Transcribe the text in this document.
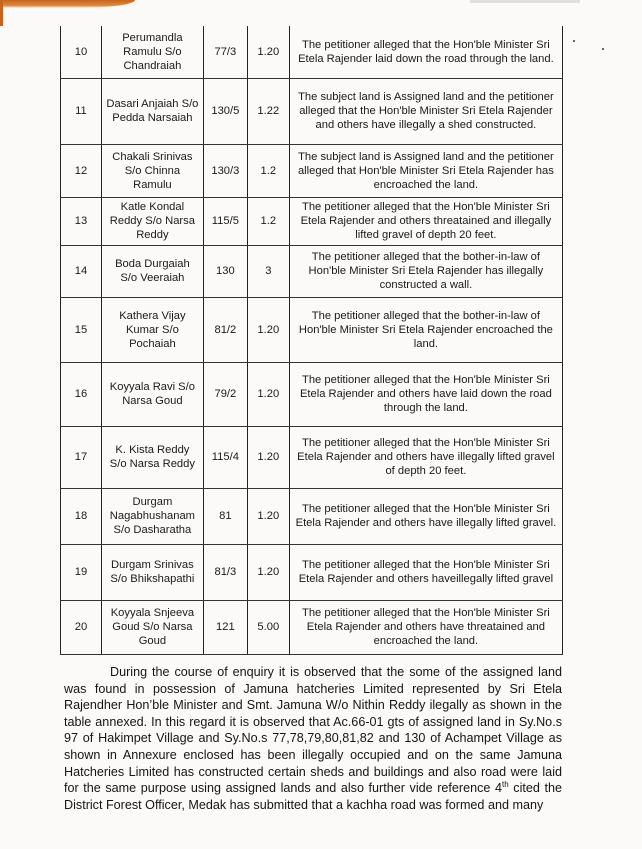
10	Perumandla Ramulu S/o Chandraiah	77/3	1.20	The petitioner alleged that the Hon'ble Minister Sri Etela Rajender laid down the road through the land.
11	Dasari Anjaiah S/o Pedda Narsaiah	130/5	1.22	The subject land is Assigned land and the petitioner alleged that the Hon'ble Minister Sri Etela Rajender and others have illegally a shed constructed.
12	Chakali Srinivas S/o Chinna Ramulu	130/3	1.2	The subject land is Assigned land and the petitioner alleged that Hon'ble Minister Sri Etela Rajender has encroached the land.
13	Katle Kondal Reddy S/o Narsa Reddy	115/5	1.2	The petitioner alleged that the Hon'ble Minister Sri Etela Rajender and others threatained and illegally lifted gravel of depth 20 feet.
14	Boda Durgaiah S/o Veeraiah	130	3	The petitioner alleged that the bother-in-law of Hon'ble Minister Sri Etela Rajender has illegally constructed a wall.
15	Kathera Vijay Kumar S/o Pochaiah	81/2	1.20	The petitioner alleged that the bother-in-law of Hon'ble Minister Sri Etela Rajender encroached the land.
16	Koyyala Ravi S/o Narsa Goud	79/2	1.20	The petitioner alleged that the Hon'ble Minister Sri Etela Rajender and others have laid down the road through the land.
17	K. Kista Reddy S/o Narsa Reddy	115/4	1.20	The petitioner alleged that the Hon'ble Minister Sri Etela Rajender and others have illegally lifted gravel of depth 20 feet.
18	Durgam Nagabhushanam S/o Dasharatha	81	1.20	The petitioner alleged that the Hon'ble Minister Sri Etela Rajender and others have illegally lifted gravel.
19	Durgam Srinivas S/o Bhikshapathi	81/3	1.20	The petitioner alleged that the Hon'ble Minister Sri Etela Rajender and others haveillegally lifted gravel
20	Koyyala Snjeeva Goud S/o Narsa Goud	121	5.00	The petitioner alleged that the Hon'ble Minister Sri Etela Rajender and others have threatained and encroached the land.
During the course of enquiry it is observed that the some of the assigned land was found in possession of Jamuna hatcheries Limited represented by Sri Etela Rajendher Hon’ble Minister and Smt. Jamuna W/o Nithin Reddy ilegally as shown in the table annexed. In this regard it is observed that Ac.66-01 gts of assigned land in Sy.No.s 97 of Hakimpet Village and Sy.No.s 77,78,79,80,81,82 and 130 of Achampet Village as shown in Annexure enclosed has been illegally occupied and on the same Jamuna Hatcheries Limited has constructed certain sheds and buildings and also road were laid for the same purpose using assigned lands and also further vide reference 4th cited the District Forest Officer, Medak has submitted that a kachha road was formed and many
